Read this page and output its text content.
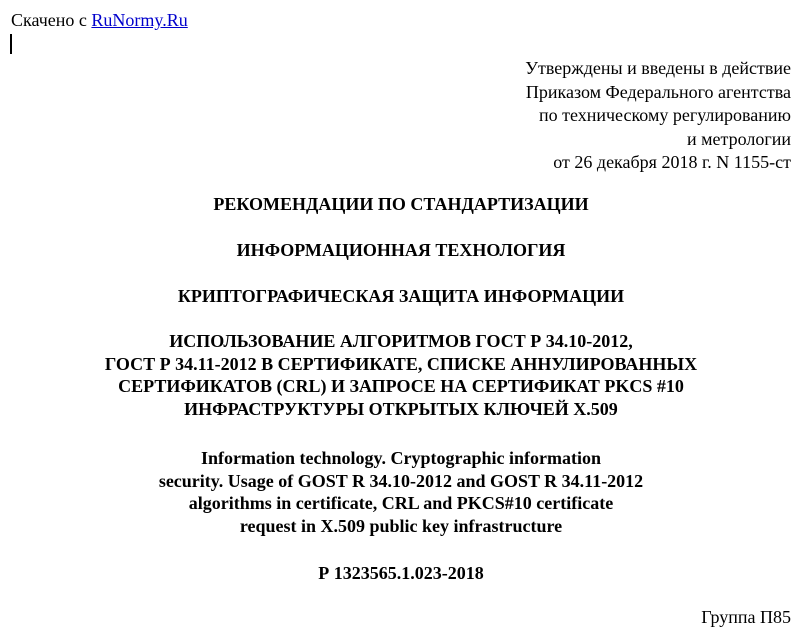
Скачено с RuNormy.Ru
Утверждены и введены в действие
Приказом Федерального агентства
по техническому регулированию
и метрологии
от 26 декабря 2018 г. N 1155-ст
РЕКОМЕНДАЦИИ ПО СТАНДАРТИЗАЦИИ
ИНФОРМАЦИОННАЯ ТЕХНОЛОГИЯ
КРИПТОГРАФИЧЕСКАЯ ЗАЩИТА ИНФОРМАЦИИ
ИСПОЛЬЗОВАНИЕ АЛГОРИТМОВ ГОСТ Р 34.10-2012,
ГОСТ Р 34.11-2012 В СЕРТИФИКАТЕ, СПИСКЕ АННУЛИРОВАННЫХ
СЕРТИФИКАТОВ (CRL) И ЗАПРОСЕ НА СЕРТИФИКАТ PKCS #10
ИНФРАСТРУКТУРЫ ОТКРЫТЫХ КЛЮЧЕЙ X.509
Information technology. Cryptographic information
security. Usage of GOST R 34.10-2012 and GOST R 34.11-2012
algorithms in certificate, CRL and PKCS#10 certificate
request in X.509 public key infrastructure
Р 1323565.1.023-2018
Группа П85
